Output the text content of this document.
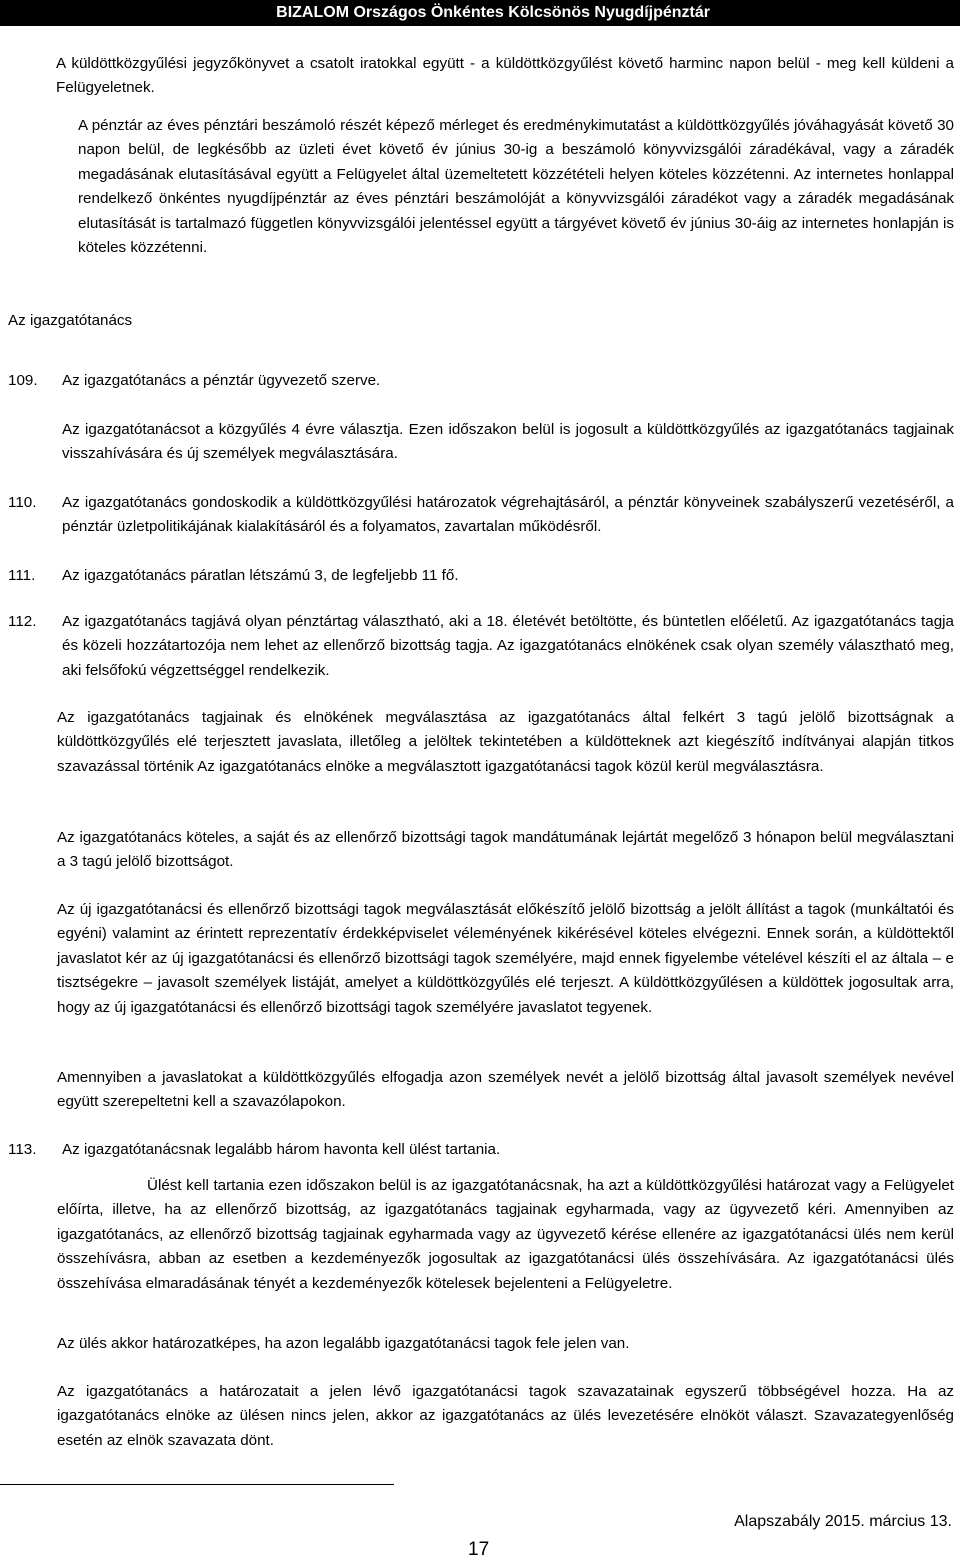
BIZALOM Országos Önkéntes Kölcsönös Nyugdíjpénztár

A küldöttközgyűlési jegyzőkönyvet a csatolt iratokkal együtt - a küldöttközgyűlést követő harminc napon belül - meg kell küldeni a Felügyeletnek.

A pénztár az éves pénztári beszámoló részét képező mérleget és eredménykimutatást a küldöttközgyűlés jóváhagyását követő 30 napon belül, de legkésőbb az üzleti évet követő év június 30-ig a beszámoló könyvvizsgálói záradékával, vagy a záradék megadásának elutasításával együtt a Felügyelet által üzemeltetett közzétételi helyen köteles közzétenni. Az internetes honlappal rendelkező önkéntes nyugdíjpénztár az éves pénztári beszámolóját a könyvvizsgálói záradékot vagy a záradék megadásának elutasítását is tartalmazó független könyvvizsgálói jelentéssel együtt a tárgyévet követő év június 30-áig az internetes honlapján is köteles közzétenni.

Az igazgatótanács
109. Az igazgatótanács a pénztár ügyvezető szerve.

Az igazgatótanácsot a közgyűlés 4 évre választja. Ezen időszakon belül is jogosult a küldöttközgyűlés az igazgatótanács tagjainak visszahívására és új személyek megválasztására.

110. Az igazgatótanács gondoskodik a küldöttközgyűlési határozatok végrehajtásáról, a pénztár könyveinek szabályszerű vezetéséről, a pénztár üzletpolitikájának kialakításáról és a folyamatos, zavartalan működésről.

111. Az igazgatótanács páratlan létszámú 3, de legfeljebb 11 fő.

112. Az igazgatótanács tagjává olyan pénztártag választható, aki a 18. életévét betöltötte, és büntetlen előéletű. Az igazgatótanács tagja és közeli hozzátartozója nem lehet az ellenőrző bizottság tagja. Az igazgatótanács elnökének csak olyan személy választható meg, aki felsőfokú végzettséggel rendelkezik.

Az igazgatótanács tagjainak és elnökének megválasztása az igazgatótanács által felkért 3 tagú jelölő bizottságnak a küldöttközgyűlés elé terjesztett javaslata, illetőleg a jelöltek tekintetében a küldötteknek azt kiegészítő indítványai alapján titkos szavazással történik Az igazgatótanács elnöke a megválasztott igazgatótanácsi tagok közül kerül megválasztásra.

Az igazgatótanács köteles, a saját és az ellenőrző bizottsági tagok mandátumának lejártát megelőző 3 hónapon belül megválasztani a 3 tagú jelölő bizottságot.

Az új igazgatótanácsi és ellenőrző bizottsági tagok megválasztását előkészítő jelölő bizottság a jelölt állítást a tagok (munkáltatói és egyéni) valamint az érintett reprezentatív érdekképviselet véleményének kikérésével köteles elvégezni. Ennek során, a küldöttektől javaslatot kér az új igazgatótanácsi és ellenőrző bizottsági tagok személyére, majd ennek figyelembe vételével készíti el az általa – e tisztségekre – javasolt személyek listáját, amelyet a küldöttközgyűlés elé terjeszt. A küldöttközgyűlésen a küldöttek jogosultak arra, hogy az új igazgatótanácsi és ellenőrző bizottsági tagok személyére javaslatot tegyenek.

Amennyiben a javaslatokat a küldöttközgyűlés elfogadja azon személyek nevét a jelölő bizottság által javasolt személyek nevével együtt szerepeltetni kell a szavazólapokon.

113. Az igazgatótanácsnak legalább három havonta kell ülést tartania.

Ülést kell tartania ezen időszakon belül is az igazgatótanácsnak, ha azt a küldöttközgyűlési határozat vagy a Felügyelet előírta, illetve, ha az ellenőrző bizottság, az igazgatótanács tagjainak egyharmada, vagy az ügyvezető kéri. Amennyiben az igazgatótanács, az ellenőrző bizottság tagjainak egyharmada vagy az ügyvezető kérése ellenére az igazgatótanácsi ülés nem kerül összehívásra, abban az esetben a kezdeményezők jogosultak az igazgatótanácsi ülés összehívására. Az igazgatótanácsi ülés összehívása elmaradásának tényét a kezdeményezők kötelesek bejelenteni a Felügyeletre.

Az ülés akkor határozatképes, ha azon legalább igazgatótanácsi tagok fele jelen van.

Az igazgatótanács a határozatait a jelen lévő igazgatótanácsi tagok szavazatainak egyszerű többségével hozza. Ha az igazgatótanács elnöke az ülésen nincs jelen, akkor az igazgatótanács az ülés levezetésére elnököt választ. Szavazategyenlőség esetén az elnök szavazata dönt.

Alapszabály 2015. március 13.
17
